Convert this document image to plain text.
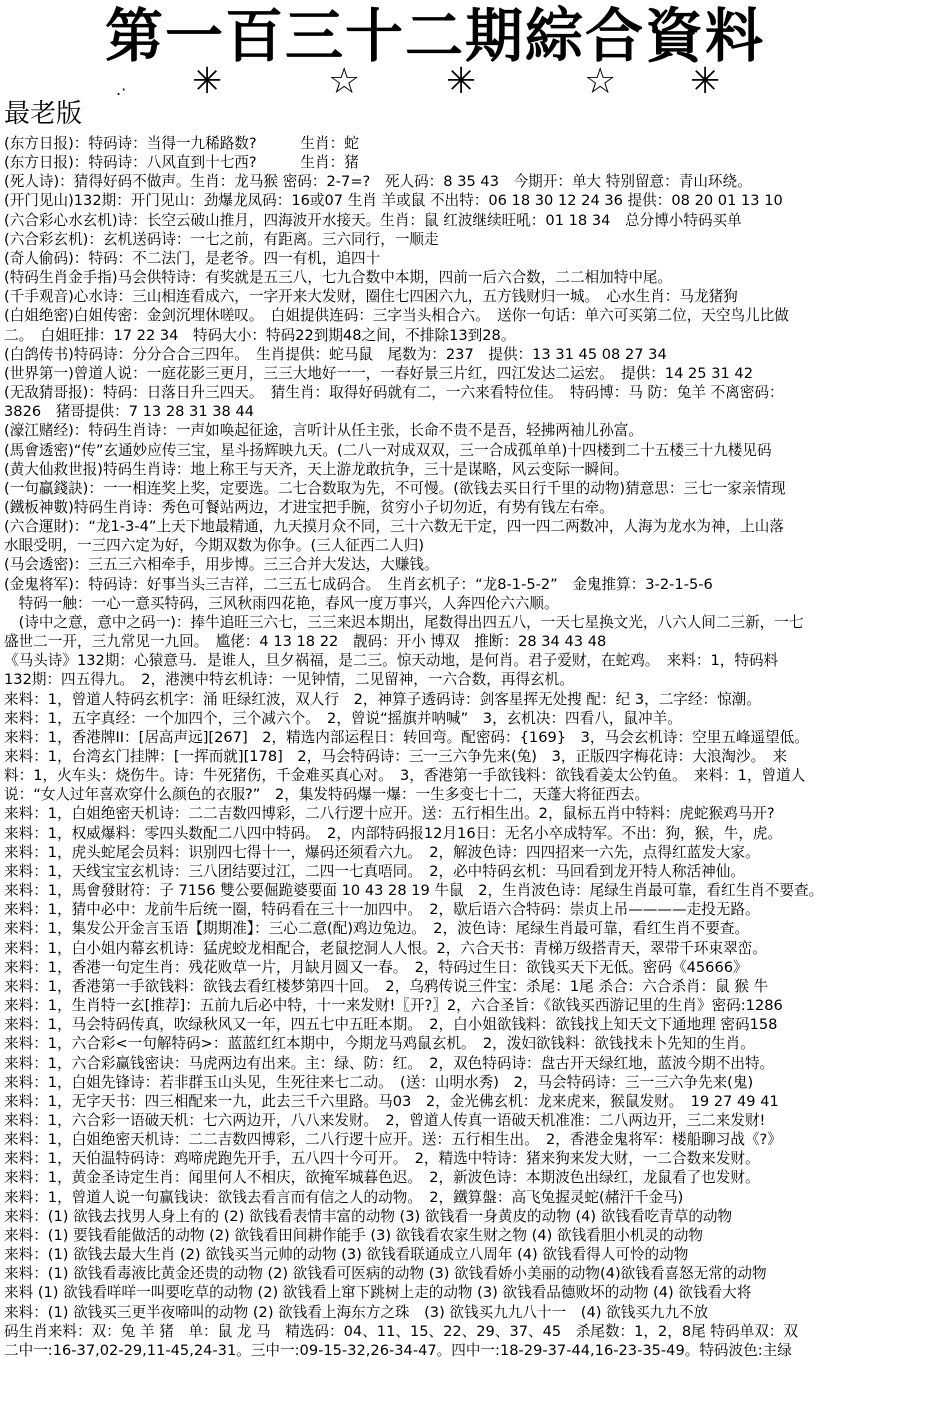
第一百三十二期綜合資料
.· ✳	☆ ✳	☆ ✳
最老版
(东方日报)：特码诗：当得一九稀路数?　　　生肖：蛇
(东方日报)：特码诗：八风直到十七西?　　　生肖：猪
(死人诗)：猜得好码不做声。生肖：龙马猴 密码：2-7=?　死人码：8 35 43　今期开：单大 特别留意：青山环绕。
(开门见山)132期：开门见山：劲爆龙凤码：16或07 生肖 羊或鼠 不出特：06 18 30 12 24 36 提供：08 20 01 13 10
(六合彩心水玄机)诗：长空云破山推月，四海波开水接天。生肖：鼠 红波继续旺吼：01 18 34　总分博小特码买单
(六合彩玄机)：玄机送码诗：一七之前，有距离。三六同行，一顺走
(奇人偷码)：特码：不二法门，是老爷。四一有机，追四十
(特码生肖金手指)马会供特诗：有奖就是五三八，七九合数中本期，四前一后六合数，二二相加特中尾。
(千手观音)心水诗：三山相连看成六，一字开来大发财，圈住七四困六九，五方钱财归一城。　心水生肖：马龙猪狗
(白姐绝密)白姐传密：金剑沉埋休嗟叹。　白姐提供连码：三字当头相合六。　送你一句话：单六可买第二位，天空鸟儿比做
二。　白姐旺排：17 22 34　特码大小：特码22到期48之间，不排除13到28。
(白鸽传书)特码诗：分分合合三四年。　生肖提供：蛇马鼠　尾数为：237　提供：13 31 45 08 27 34
(世界第一)曾道人说：一庭花影三更月，三三大地好一一，一春好景三片红，四江发达二运宏。　提供：14 25 31 42
(无敌猜哥报)：特码：日落日升三四天。　猜生肖：取得好码就有二，一六来看特位佳。　特码博：马 防：兔羊 不离密码：
3826　猪哥提供：7 13 28 31 38 44
(濠江赌经)：特码生肖诗：一声如唤起征途，言听计从任主张，长命不贵不是吾，轻拂两袖儿孙富。
(馬會透密)“传”玄通妙应传三宝，星斗扬辉映九天。(二八一对成双双，三一合成孤单单)十四楼到二十五楼三十九楼见码
(黄大仙救世报)特码生肖诗：地上称王与天齐，天上游龙敢抗争，三十是谋略，风云变际一瞬间。
(一句贏錢訣)：一一相连奖上奖，定要选。二七合数取为先，不可慢。(欲钱去买日行千里的动物)猜意思：三七一家亲情现
(鐵板神數)特码生肖诗：秀色可餐站两边，才进宝把手腕，贫穷小子切勿近，有势有钱左右牵。
(六合運財)：“龙1-3-4”上天下地最精通，九天摸月众不同，三十六数无干定，四一四二两数冲，人海为龙水为神，上山落
水眼受明，一三四六定为好，今期双数为你争。(三人征西二人归)
(马会透密)：三五三六相牵手，用步博。三三合并大发达，大赚钱。
(金鬼将军)：特码诗：好事当头三吉祥，二三五七成码合。　生肖玄机子：“龙8-1-5-2”　金鬼推算：3-2-1-5-6
　特码一触：一心一意买特码，三风秋雨四花艳，春风一度万事兴，人奔四伦六六顺。
　(诗中之意，意中之码一)：捧牛追旺三六七，三三来迟本期出，尾数得出四五八，一天七星换文光，八六人间二三新，一七
盛世二一开，三九常见一九回。　尴佬：4 13 18 22　靓码：开小 博双　推断：28 34 43 48
《马头诗》132期：心猿意马．是谁人，旦夕祸福，是二三。惊天动地，是何肖。君子爱财，在蛇鸡。　来料：1，特码料
132期：四五得九。　2，港澳中特玄机诗：一见钟情，二见留神，一六合数，再得玄机。
来料：1，曾道人特码玄机字：涌 旺绿红波，双人行　2，神算子透码诗：剑客星挥无处搜 配：纪 3，二字经：惊潮。
来料：1，五字真经：一个加四个，三个减六个。　2，曾说“摇旗并呐喊”　3，玄机决：四看八，鼠冲羊。
来料：1，香港牌II：[居高声远][267]　2，精选内部运程日：转回弯。配密码：{169}　3，马会玄机诗：空里五峰遥望低。
来料：1，台湾玄门挂牌：[一挥而就][178]　2，马会特码诗：三一三六争先来(兔)　3，正版四字梅花诗：大浪淘沙。　来
料：1，火车头：烧伤牛。诗：牛死猪伤，千金难买真心对。　3，香港第一手欲钱料：欲钱看姜太公钓鱼。　来料：1，曾道人
说：“女人过年喜欢穿什么颜色的衣服?”　2，集发特码爆一爆：一生多变七十二，天蓬大将征西去。
来料：1，白姐绝密天机诗：二二吉数四博彩，二八行逻十应开。送：五行相生出。2，鼠标五肖中特料：虎蛇猴鸡马开?
来料：1，权威爆料：零四头数配二八四中特码。　2，内部特码报12月16日：无名小卒成特军。不出：狗，猴，牛，虎。
来料：1，虎头蛇尾会员料：识别四七得十一，爆码还须看六九。　2，解波色诗：四四招来一六先，点得红蓝发大家。
来料：1，天线宝宝玄机诗：三八团结要过江，二四一七真唔同。　2，必中特码玄机：马回看到龙开特人称活神仙。
来料：1，馬會發財符：子 7156 雙公要倔跪婆要面 10 43 28 19 牛鼠　2，生肖波色诗：尾绿生肖最可靠，看红生肖不要查。
来料：1，猜中必中：龙前牛后统一圈，特码看在三十一加四中。　2，歇后语六合特码：崇贞上吊————走投无路。
来料：1，集发公开金言玉语【期期准】：三心二意(配)鸡边兔边。　2，波色诗：尾绿生肖最可靠，看红生肖不要查。
来料：1，白小姐内幕玄机诗：猛虎蛟龙相配合，老鼠挖洞人人恨。2，六合天书：青梯万级搭青天，翠带千环束翠峦。
来料：1，香港一句定生肖：残花败草一片，月缺月圆又一春。　2，特码过生日：欲钱买天下无低。密码《45666》
来料：1，香港第一手欲钱料：欲钱去看红楼梦第四十回。　2，乌鸦传说三件宝：杀尾：1尾 杀合：六合杀肖：鼠 猴 牛
来料：1，生肖特一玄[推荐]：五前九后必中特，十一来发财!〖开?〗2，六合圣旨：《欲钱买西游记里的生肖》密码:1286
来料：1，马会特码传真，吹绿秋风又一年，四五七中五旺本期。　2，白小姐欲钱料：欲钱找上知天文下通地理 密码158
来料：1，六合彩<一句解特码>：蓝蓝红红本期中，今期龙马鸡鼠玄机。　2，泼妇欲钱料：欲钱找未卜先知的生肖。
来料：1，六合彩赢钱密诀：马虎两边有出来。主：绿、防：红。　2，双色特码诗：盘古开天绿红地，蓝波今期不出特。
来料：1，白姐先锋诗：若非群玉山头见，生死往来七二动。　(送：山明水秀)　2，马会特码诗：三一三六争先来(鬼)
来料：1，无字天书：四三相配来一九，此去三千六里路。马03　2，金光佛玄机：龙来虎来，猴鼠发财。　19 27 49 41
来料：1，六合彩一语破天机：七六两边开，八八来发财。　2，曾道人传真一语破天机准准：二八两边开，三二来发财!
来料：1，白姐绝密天机诗：二二吉数四博彩，二八行逻十应开。送：五行相生出。　2，香港金鬼将军：楼船聊习战《?》
来料：1，天伯温特码诗：鸡啼虎跑先开手，五八四十今可开。　2，精选中特诗：猪来狗来发大财，一二合数来发财。
来料：1，黄金圣诗定生肖：闻里何人不相庆，欲掩军城暮色迟。　2，新波色诗：本期波色出绿红，龙鼠看了也发财。
来料：1，曾道人说一句赢钱诀：欲钱去看言而有信之人的动物。　2，鐵算盤：高飞兔握灵蛇(赭汗千金马)
来料：(1) 欲钱去找男人身上有的 (2) 欲钱看表情丰富的动物 (3) 欲钱看一身黄皮的动物 (4) 欲钱看吃青草的动物
来料：(1) 要钱看能做活的动物 (2) 欲钱看田间耕作能手 (3) 欲钱看农家生财之物 (4) 欲钱看胆小机灵的动物
来料：(1) 欲钱去最大生肖 (2) 欲钱买当元帅的动物 (3) 欲钱看联通成立八周年 (4) 欲钱看得人可怜的动物
来料：(1) 欲钱看毒液比黄金还贵的动物 (2) 欲钱看可医病的动物 (3) 欲钱看娇小美丽的动物(4)欲钱看喜怒无常的动物
来料 (1) 欲钱看咩咩一叫要吃草的动物 (2) 欲钱看上窜下跳树上走的动物 (3) 欲钱看品德败坏的动物 (4) 欲钱看大将
来料：(1) 欲钱买三更半夜啼叫的动物 (2) 欲钱看上海东方之珠　(3) 欲钱买九九八十一　(4) 欲钱买九九不放
码生肖来料：双：兔 羊 猪　单：鼠 龙 马　精选码：04、11、15、22、29、37、45　杀尾数：1，2，8尾 特码单双：双
二中一:16-37,02-29,11-45,24-31。三中一:09-15-32,26-34-47。四中一:18-29-37-44,16-23-35-49。特码波色:主绿
